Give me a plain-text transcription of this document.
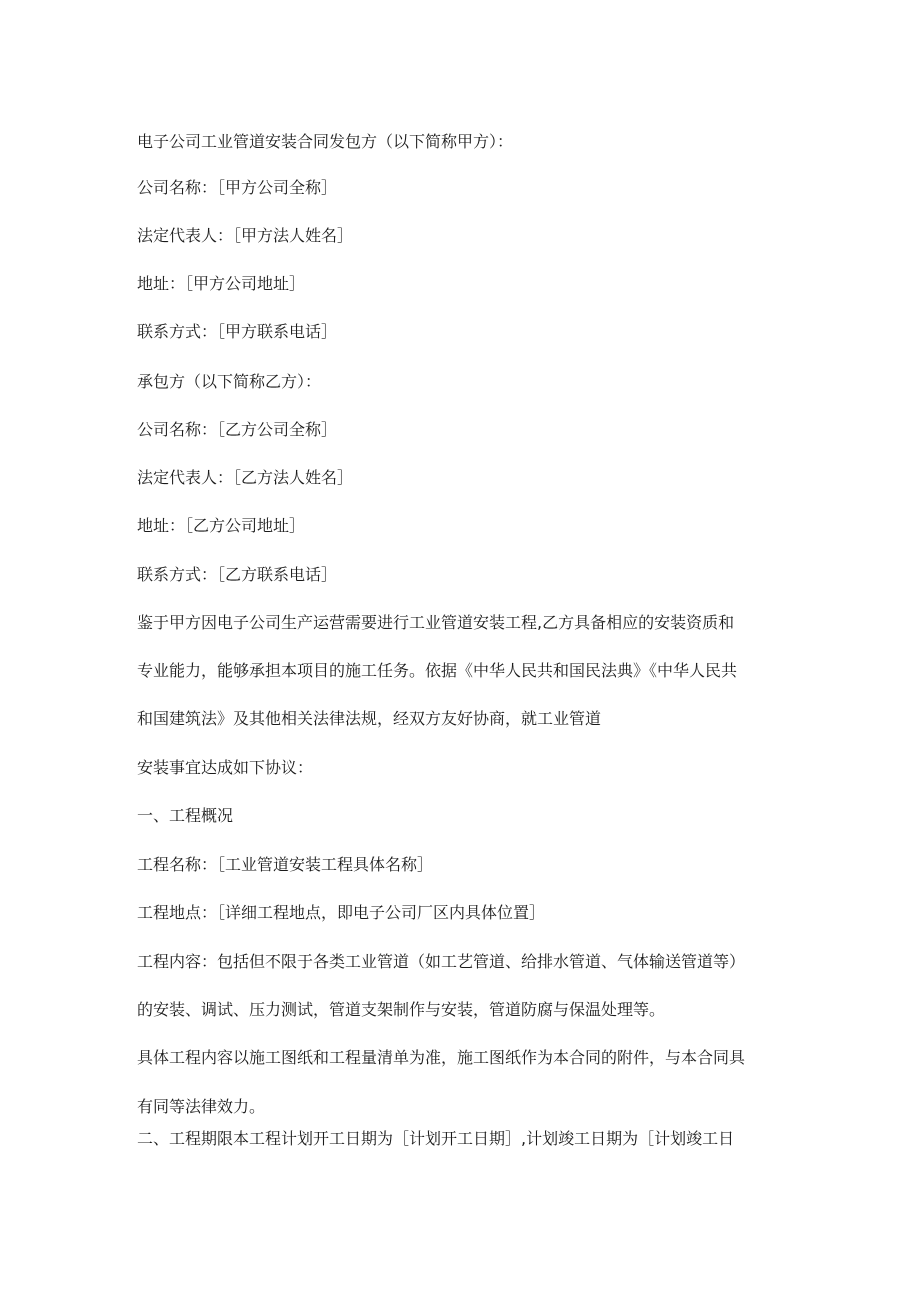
电子公司工业管道安装合同发包方（以下简称甲方）：
公司名称：［甲方公司全称］
法定代表人：［甲方法人姓名］
地址：［甲方公司地址］
联系方式：［甲方联系电话］
承包方（以下简称乙方）：
公司名称：［乙方公司全称］
法定代表人：［乙方法人姓名］
地址：［乙方公司地址］
联系方式：［乙方联系电话］
鉴于甲方因电子公司生产运营需要进行工业管道安装工程,乙方具备相应的安装资质和
专业能力，能够承担本项目的施工任务。依据《中华人民共和国民法典》《中华人民共
和国建筑法》及其他相关法律法规，经双方友好协商，就工业管道
安装事宜达成如下协议：
一、工程概况
工程名称：［工业管道安装工程具体名称］
工程地点：［详细工程地点，即电子公司厂区内具体位置］
工程内容：包括但不限于各类工业管道（如工艺管道、给排水管道、气体输送管道等）
的安装、调试、压力测试，管道支架制作与安装，管道防腐与保温处理等。
具体工程内容以施工图纸和工程量清单为准，施工图纸作为本合同的附件，与本合同具
有同等法律效力。
二、工程期限本工程计划开工日期为［计划开工日期］,计划竣工日期为［计划竣工日
